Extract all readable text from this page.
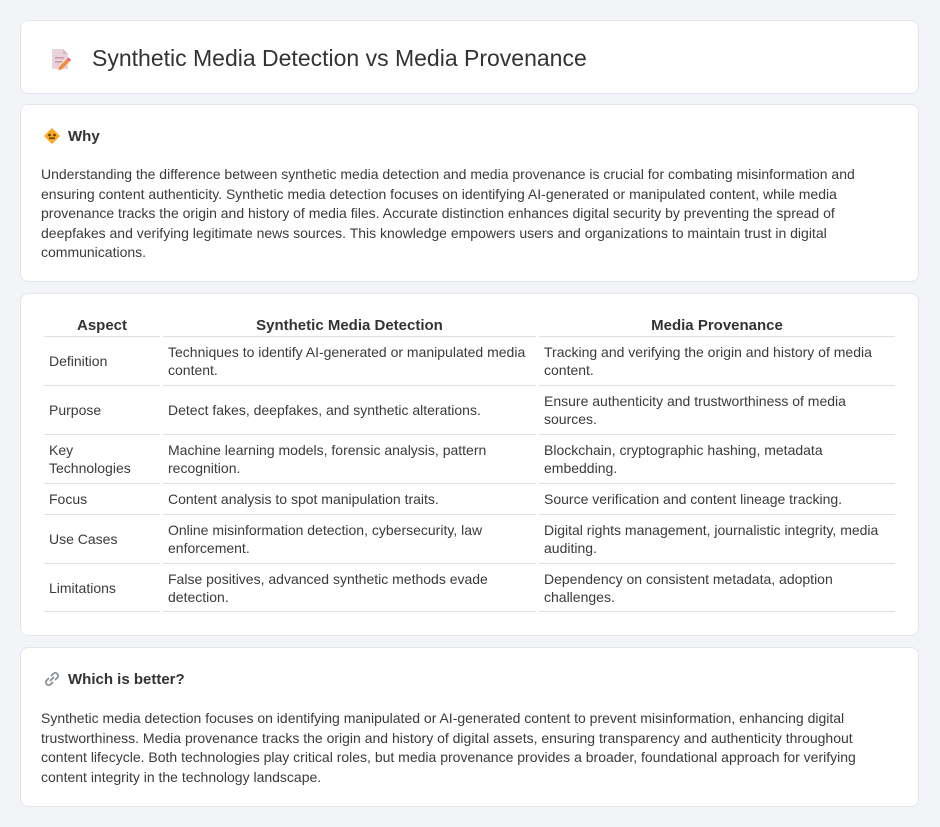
Synthetic Media Detection vs Media Provenance
Why

Understanding the difference between synthetic media detection and media provenance is crucial for combating misinformation and ensuring content authenticity. Synthetic media detection focuses on identifying AI-generated or manipulated content, while media provenance tracks the origin and history of media files. Accurate distinction enhances digital security by preventing the spread of deepfakes and verifying legitimate news sources. This knowledge empowers users and organizations to maintain trust in digital communications.

Aspect	Synthetic Media Detection	Media Provenance
Definition	Techniques to identify AI-generated or manipulated media content.	Tracking and verifying the origin and history of media content.
Purpose	Detect fakes, deepfakes, and synthetic alterations.	Ensure authenticity and trustworthiness of media sources.
Key Technologies	Machine learning models, forensic analysis, pattern recognition.	Blockchain, cryptographic hashing, metadata embedding.
Focus	Content analysis to spot manipulation traits.	Source verification and content lineage tracking.
Use Cases	Online misinformation detection, cybersecurity, law enforcement.	Digital rights management, journalistic integrity, media auditing.
Limitations	False positives, advanced synthetic methods evade detection.	Dependency on consistent metadata, adoption challenges.
Which is better?

Synthetic media detection focuses on identifying manipulated or AI-generated content to prevent misinformation, enhancing digital trustworthiness. Media provenance tracks the origin and history of digital assets, ensuring transparency and authenticity throughout content lifecycle. Both technologies play critical roles, but media provenance provides a broader, foundational approach for verifying content integrity in the technology landscape.
